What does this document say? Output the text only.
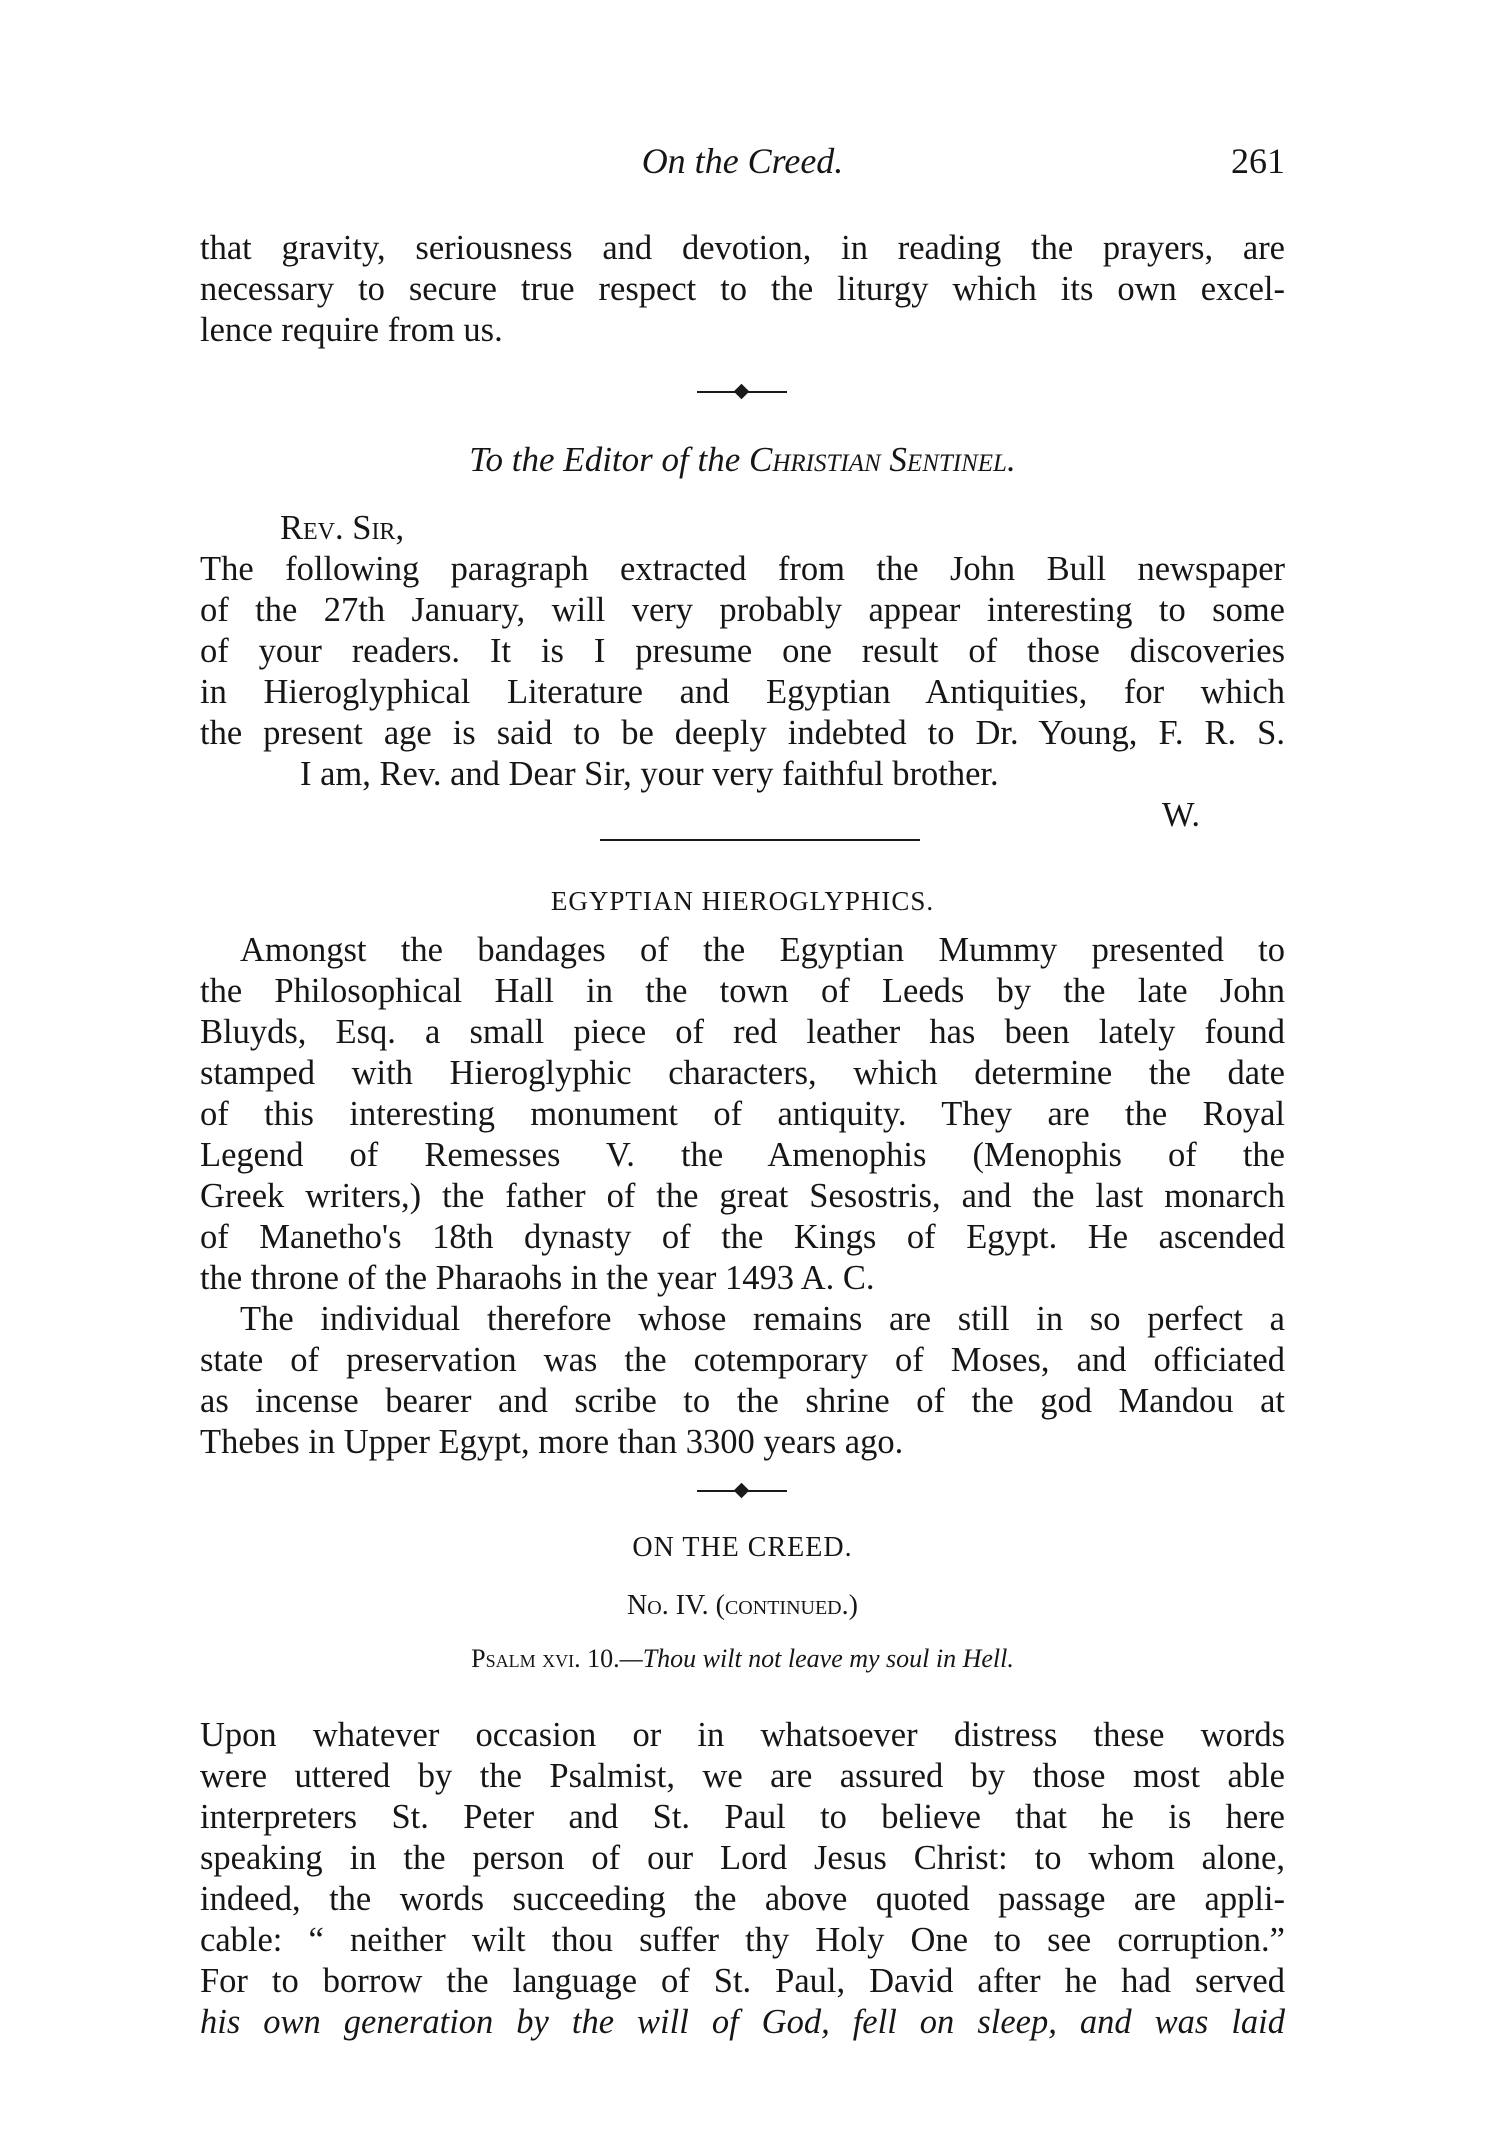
On the Creed.	261
that gravity, seriousness and devotion, in reading the prayers, are
necessary to secure true respect to the liturgy which its own excel-
lence require from us.
To the Editor of the Christian Sentinel.
Rev. Sir,
The following paragraph extracted from the John Bull newspaper
of the 27th January, will very probably appear interesting to some
of your readers. It is I presume one result of those discoveries
in Hieroglyphical Literature and Egyptian Antiquities, for which
the present age is said to be deeply indebted to Dr. Young, F. R. S.
I am, Rev. and Dear Sir, your very faithful brother.
W.
EGYPTIAN HIEROGLYPHICS.
Amongst the bandages of the Egyptian Mummy presented to
the Philosophical Hall in the town of Leeds by the late John
Bluyds, Esq. a small piece of red leather has been lately found
stamped with Hieroglyphic characters, which determine the date
of this interesting monument of antiquity. They are the Royal
Legend of Remesses V. the Amenophis (Menophis of the
Greek writers,) the father of the great Sesostris, and the last monarch
of Manetho's 18th dynasty of the Kings of Egypt. He ascended
the throne of the Pharaohs in the year 1493 A. C.
The individual therefore whose remains are still in so perfect a
state of preservation was the cotemporary of Moses, and officiated
as incense bearer and scribe to the shrine of the god Mandou at
Thebes in Upper Egypt, more than 3300 years ago.
ON THE CREED.
No. IV. (continued.)
Psalm xvi. 10.—Thou wilt not leave my soul in Hell.
Upon whatever occasion or in whatsoever distress these words
were uttered by the Psalmist, we are assured by those most able
interpreters St. Peter and St. Paul to believe that he is here
speaking in the person of our Lord Jesus Christ: to whom alone,
indeed, the words succeeding the above quoted passage are appli-
cable: “ neither wilt thou suffer thy Holy One to see corruption.”
For to borrow the language of St. Paul, David after he had served
his own generation by the will of God, fell on sleep, and was laid
